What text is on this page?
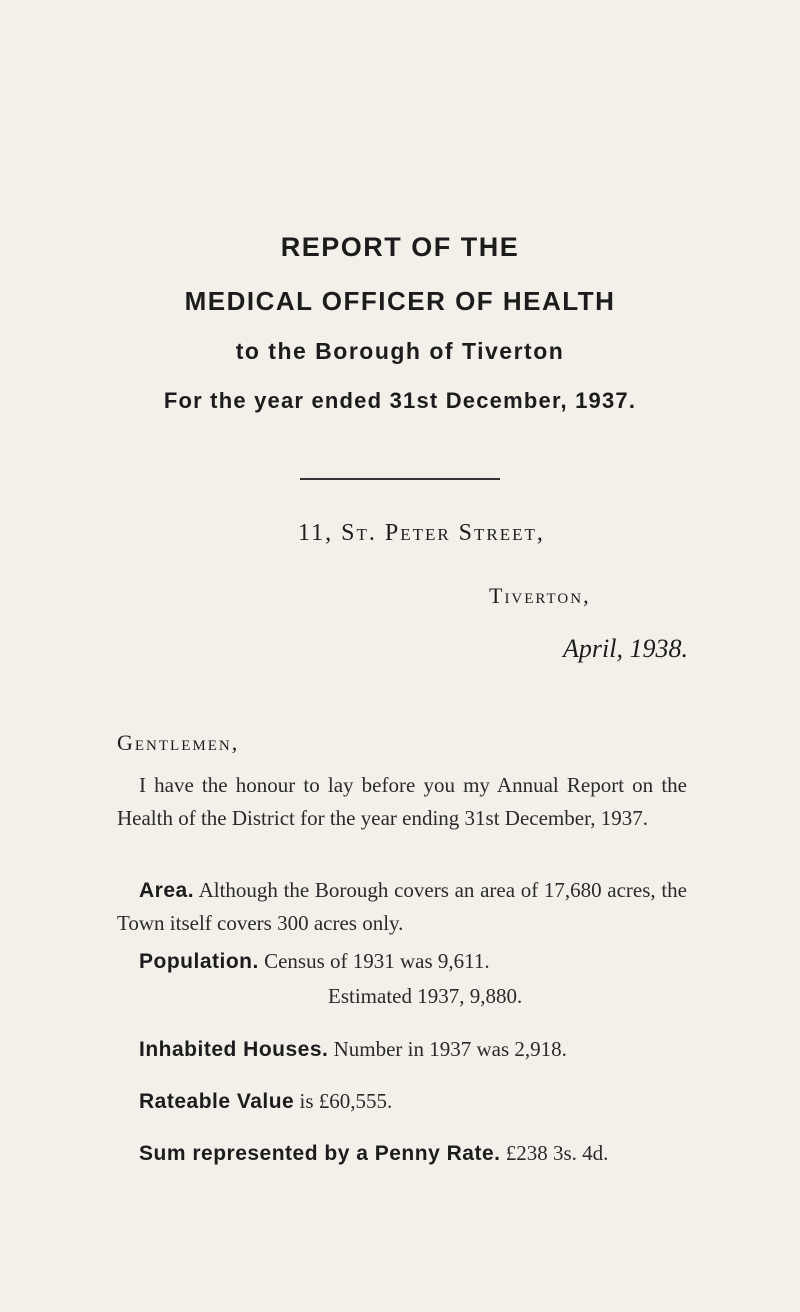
REPORT OF THE
MEDICAL OFFICER OF HEALTH
to the Borough of Tiverton
For the year ended 31st December, 1937.
11, St. Peter Street,
Tiverton,
April, 1938.
Gentlemen,
I have the honour to lay before you my Annual Report on the Health of the District for the year ending 31st December, 1937.
Area. Although the Borough covers an area of 17,680 acres, the Town itself covers 300 acres only.
Population. Census of 1931 was 9,611.
Estimated 1937, 9,880.
Inhabited Houses. Number in 1937 was 2,918.
Rateable Value is £60,555.
Sum represented by a Penny Rate. £238 3s. 4d.
